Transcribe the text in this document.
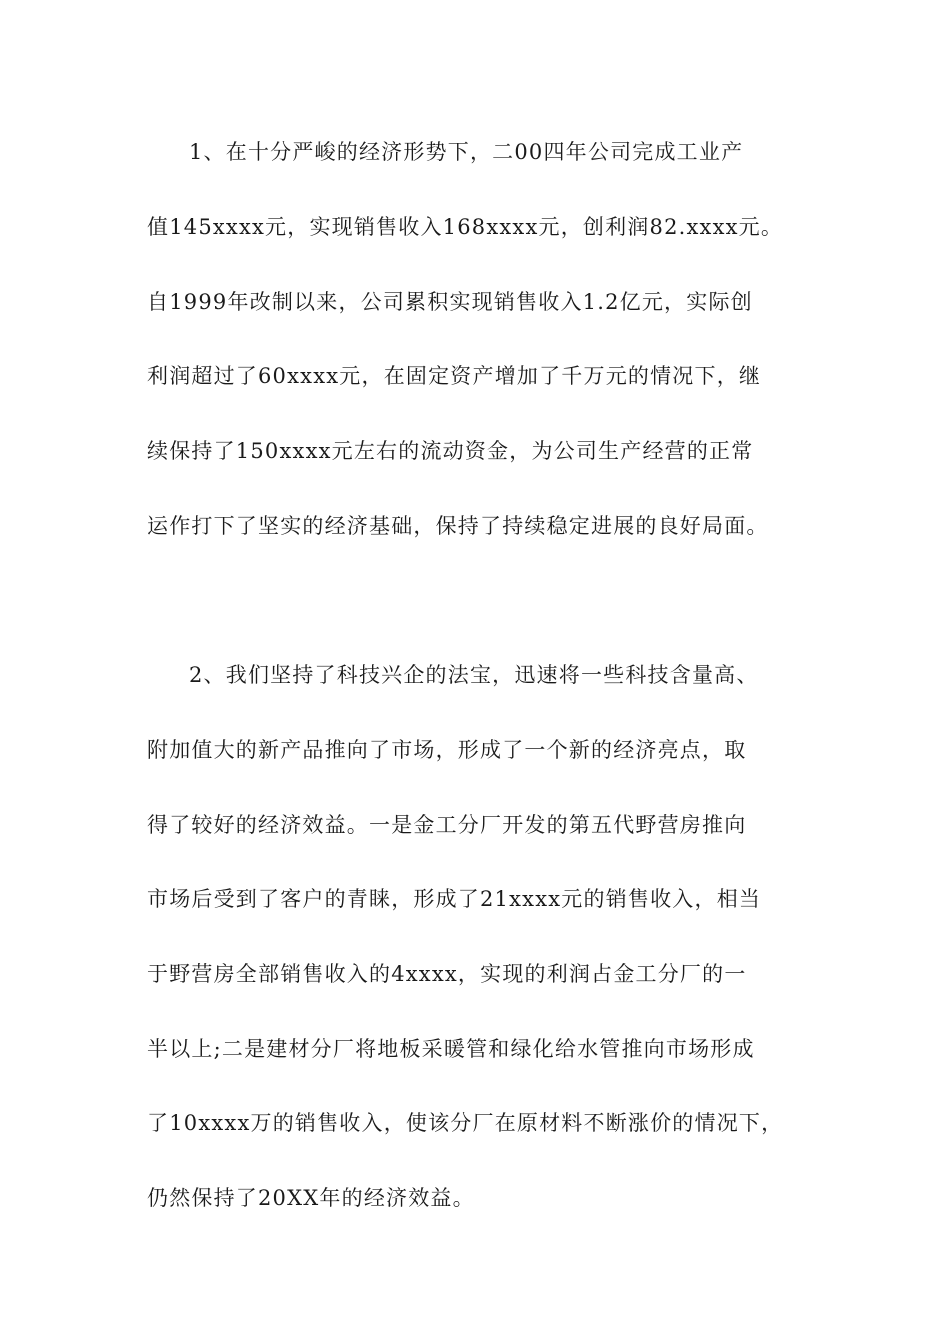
1、在十分严峻的经济形势下，二00四年公司完成工业产
值145xxxx元，实现销售收入168xxxx元，创利润82.xxxx元。
自1999年改制以来，公司累积实现销售收入1.2亿元，实际创
利润超过了60xxxx元，在固定资产增加了千万元的情况下，继
续保持了150xxxx元左右的流动资金，为公司生产经营的正常
运作打下了坚实的经济基础，保持了持续稳定进展的良好局面。
2、我们坚持了科技兴企的法宝，迅速将一些科技含量高、
附加值大的新产品推向了市场，形成了一个新的经济亮点，取
得了较好的经济效益。一是金工分厂开发的第五代野营房推向
市场后受到了客户的青睐，形成了21xxxx元的销售收入，相当
于野营房全部销售收入的4xxxx，实现的利润占金工分厂的一
半以上;二是建材分厂将地板采暖管和绿化给水管推向市场形成
了10xxxx万的销售收入，使该分厂在原材料不断涨价的情况下，
仍然保持了20XX年的经济效益。
